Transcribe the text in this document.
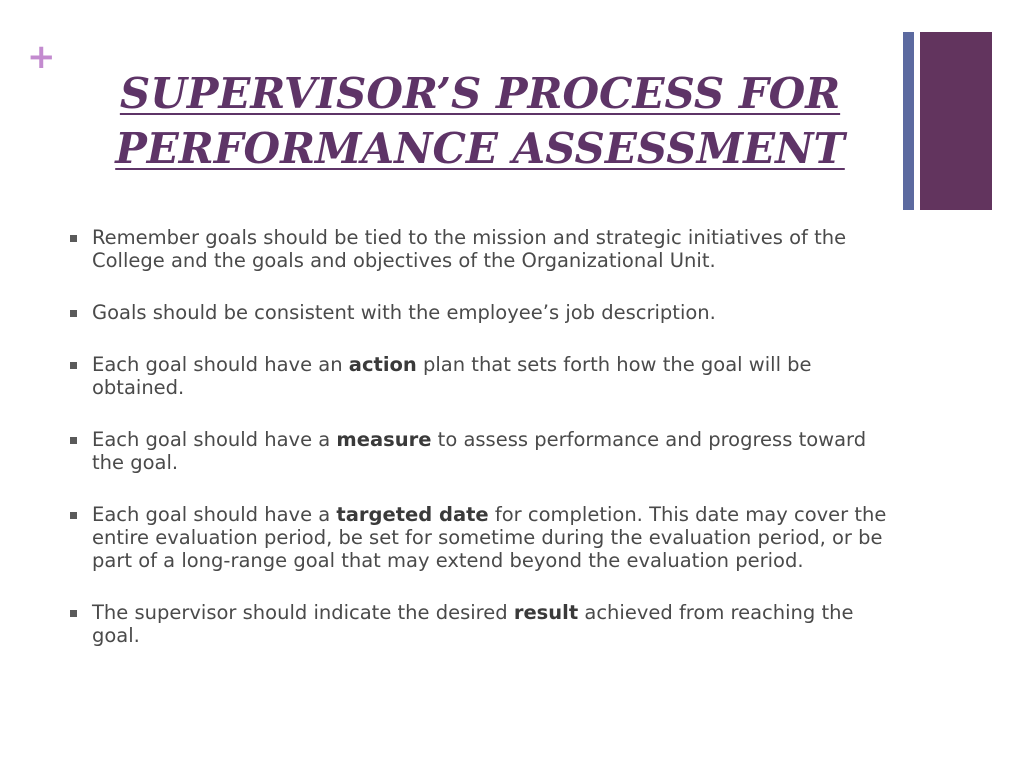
+
SUPERVISOR’S PROCESS FOR
PERFORMANCE ASSESSMENT
Remember goals should be tied to the mission and strategic initiatives of the College and the goals and objectives of the Organizational Unit.
Goals should be consistent with the employee’s job description.
Each goal should have an action plan that sets forth how the goal will be obtained.
Each goal should have a measure to assess performance and progress toward the goal.
Each goal should have a targeted date for completion. This date may cover the entire evaluation period, be set for sometime during the evaluation period, or be part of a long-range goal that may extend beyond the evaluation period.
The supervisor should indicate the desired result achieved from reaching the goal.
